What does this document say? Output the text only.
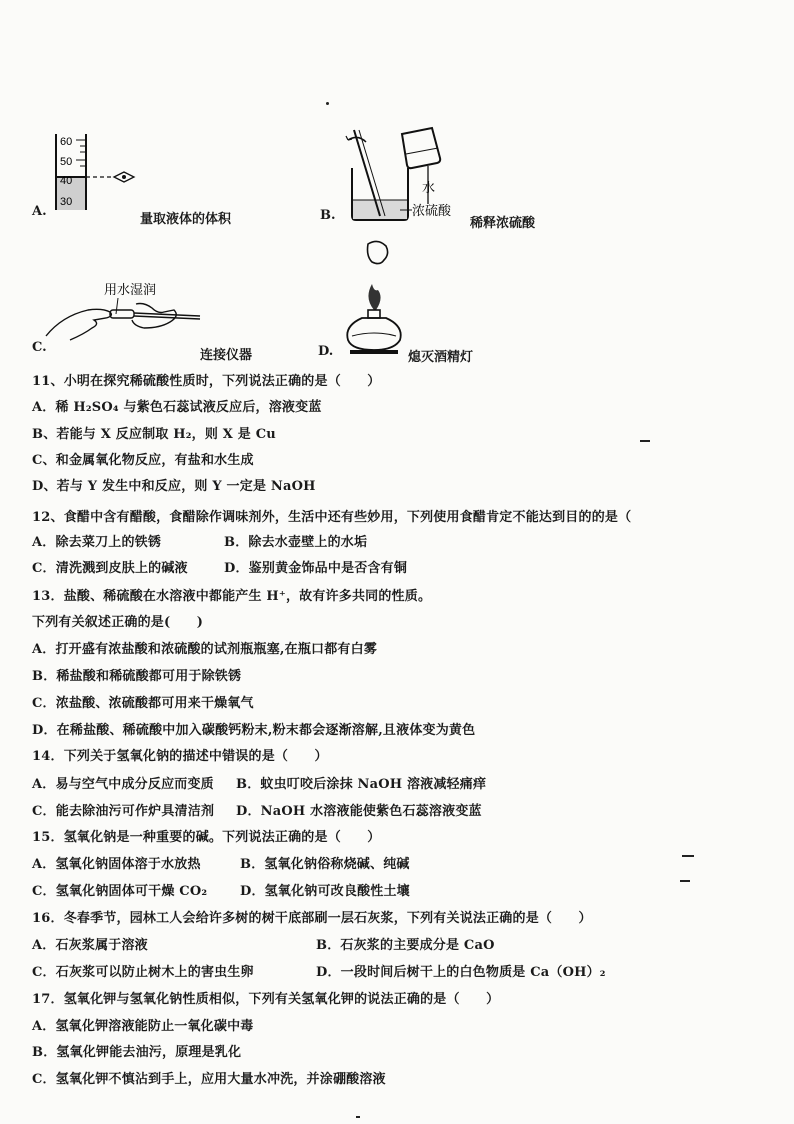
A.
60
50
40
30
量取液体的体积	B.
水
浓硫酸
稀释浓硫酸
C.
用水湿润
连接仪器	D.	熄灭酒精灯
11、小明在探究稀硫酸性质时，下列说法正确的是（　　）
A．稀 H₂SO₄ 与紫色石蕊试液反应后，溶液变蓝
B、若能与 X 反应制取 H₂，则 X 是 Cu
C、和金属氧化物反应，有盐和水生成
D、若与 Y 发生中和反应，则 Y 一定是 NaOH
12、食醋中含有醋酸，食醋除作调味剂外，生活中还有些妙用，下列使用食醋肯定不能达到目的的是（
A．除去菜刀上的铁锈	B．除去水壶壁上的水垢
C．清洗溅到皮肤上的碱液	D．鉴别黄金饰品中是否含有铜
13．盐酸、稀硫酸在水溶液中都能产生 H⁺，故有许多共同的性质。
下列有关叙述正确的是(　　)
A．打开盛有浓盐酸和浓硫酸的试剂瓶瓶塞,在瓶口都有白雾
B．稀盐酸和稀硫酸都可用于除铁锈
C．浓盐酸、浓硫酸都可用来干燥氧气
D．在稀盐酸、稀硫酸中加入碳酸钙粉末,粉末都会逐渐溶解,且液体变为黄色
14．下列关于氢氧化钠的描述中错误的是（　　）
A．易与空气中成分反应而变质 B．蚊虫叮咬后涂抹 NaOH 溶液减轻痛痒
C．能去除油污可作炉具清洁剂 D．NaOH 水溶液能使紫色石蕊溶液变蓝
15．氢氧化钠是一种重要的碱。下列说法正确的是（　　）
A．氢氧化钠固体溶于水放热	B．氢氧化钠俗称烧碱、纯碱
C．氢氧化钠固体可干燥 CO₂	D．氢氧化钠可改良酸性土壤
16．冬春季节，园林工人会给许多树的树干底部刷一层石灰浆，下列有关说法正确的是（　　）
A．石灰浆属于溶液	B．石灰浆的主要成分是 CaO
C．石灰浆可以防止树木上的害虫生卵	D．一段时间后树干上的白色物质是 Ca（OH）₂
17．氢氧化钾与氢氧化钠性质相似，下列有关氢氧化钾的说法正确的是（　　）
A．氢氧化钾溶液能防止一氧化碳中毒
B．氢氧化钾能去油污，原理是乳化
C．氢氧化钾不慎沾到手上，应用大量水冲洗，并涂硼酸溶液
